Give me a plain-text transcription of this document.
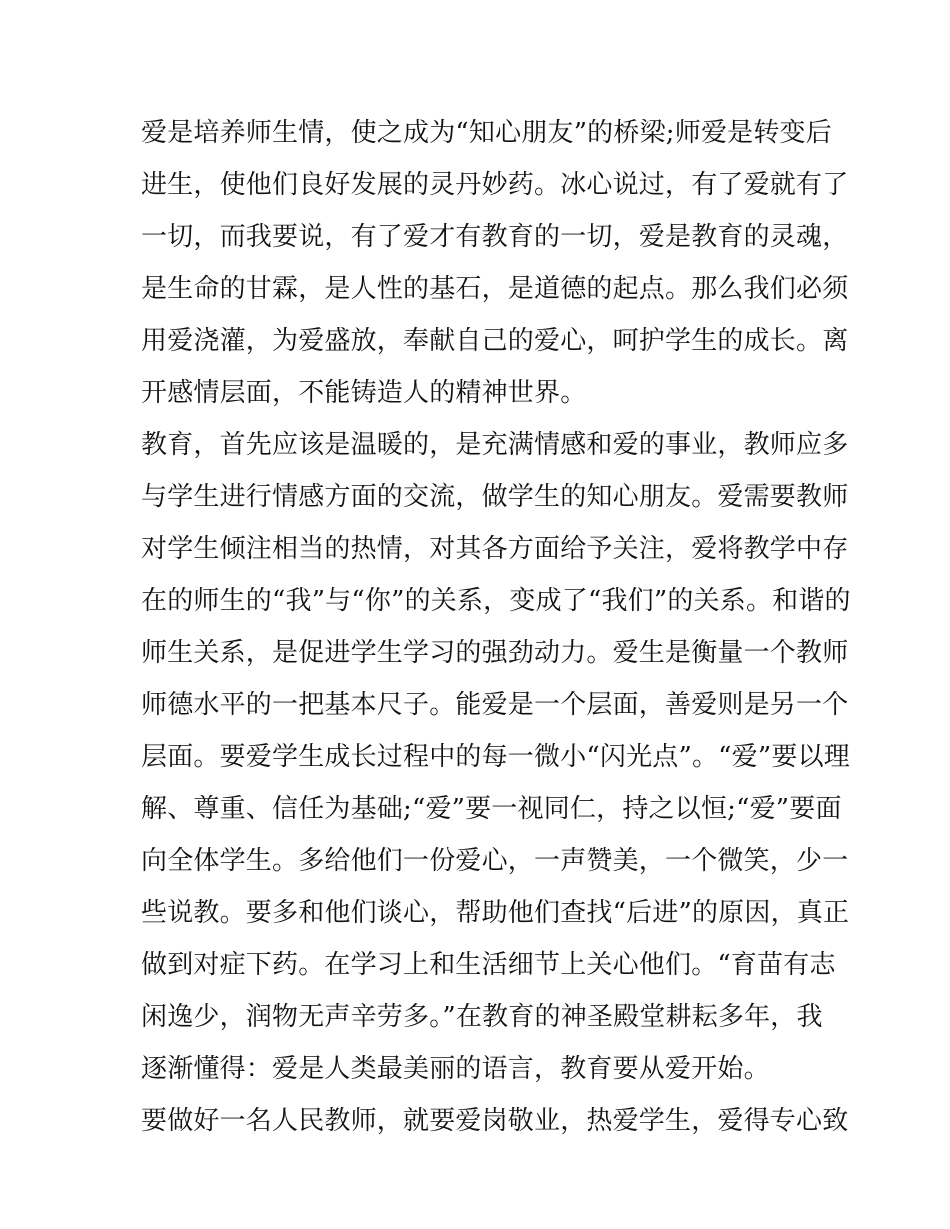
爱是培养师生情，使之成为“知心朋友”的桥梁;师爱是转变后
进生，使他们良好发展的灵丹妙药。冰心说过，有了爱就有了
一切，而我要说，有了爱才有教育的一切，爱是教育的灵魂，
是生命的甘霖，是人性的基石，是道德的起点。那么我们必须
用爱浇灌，为爱盛放，奉献自己的爱心，呵护学生的成长。离
开感情层面，不能铸造人的精神世界。
教育，首先应该是温暖的，是充满情感和爱的事业，教师应多
与学生进行情感方面的交流，做学生的知心朋友。爱需要教师
对学生倾注相当的热情，对其各方面给予关注，爱将教学中存
在的师生的“我”与“你”的关系，变成了“我们”的关系。和谐的
师生关系，是促进学生学习的强劲动力。爱生是衡量一个教师
师德水平的一把基本尺子。能爱是一个层面，善爱则是另一个
层面。要爱学生成长过程中的每一微小“闪光点”。“爱”要以理
解、尊重、信任为基础;“爱”要一视同仁，持之以恒;“爱”要面
向全体学生。多给他们一份爱心，一声赞美，一个微笑，少一
些说教。要多和他们谈心，帮助他们查找“后进”的原因，真正
做到对症下药。在学习上和生活细节上关心他们。“育苗有志
闲逸少，润物无声辛劳多。”在教育的神圣殿堂耕耘多年，我
逐渐懂得：爱是人类最美丽的语言，教育要从爱开始。
要做好一名人民教师，就要爱岗敬业，热爱学生，爱得专心致
